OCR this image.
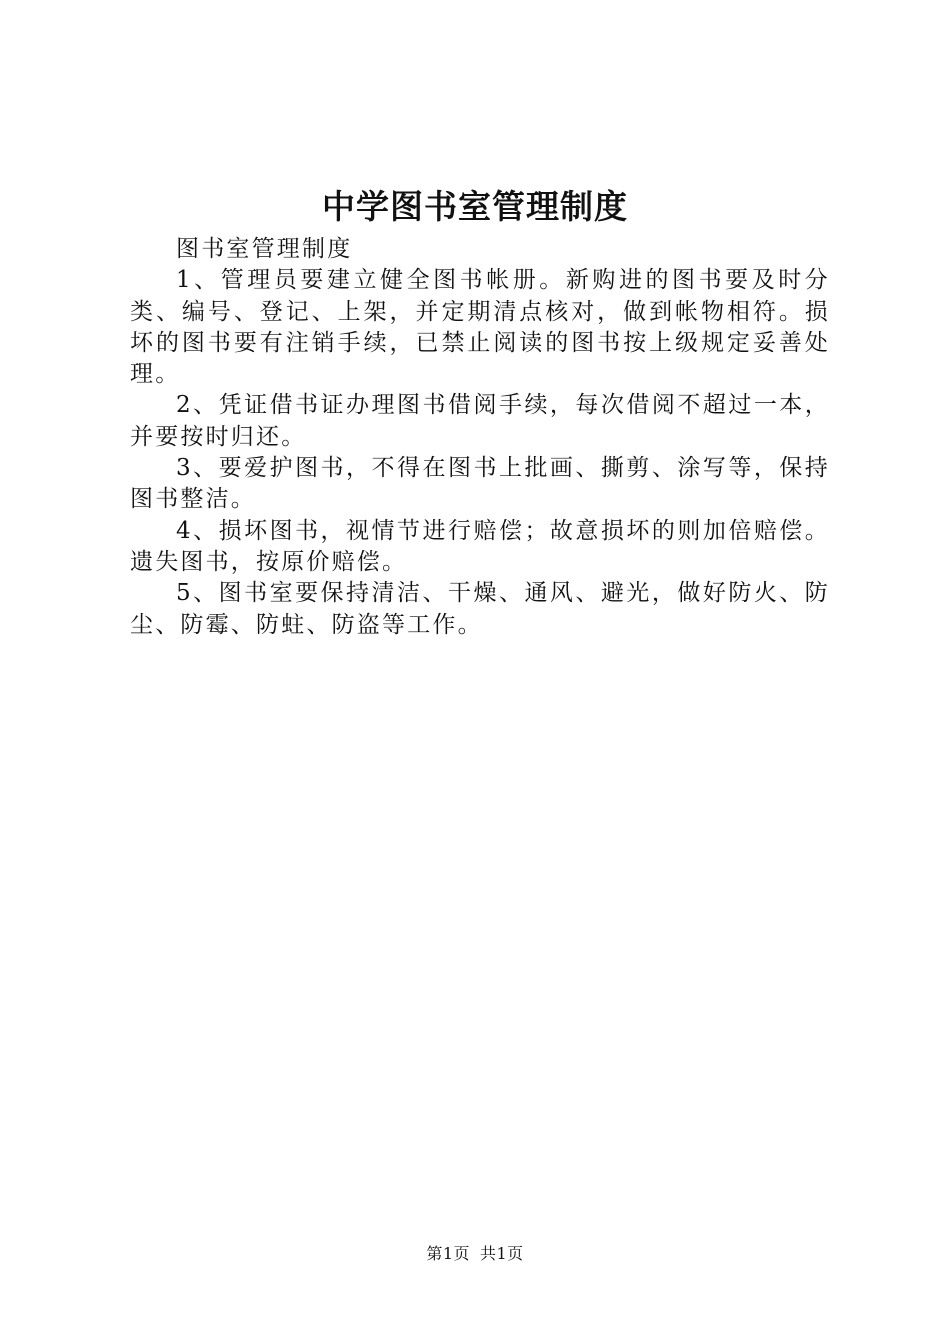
中学图书室管理制度

图书室管理制度

1、管理员要建立健全图书帐册。新购进的图书要及时分类、编号、登记、上架，并定期清点核对，做到帐物相符。损坏的图书要有注销手续，已禁止阅读的图书按上级规定妥善处理。

2、凭证借书证办理图书借阅手续，每次借阅不超过一本，并要按时归还。

3、要爱护图书，不得在图书上批画、撕剪、涂写等，保持图书整洁。

4、损坏图书，视情节进行赔偿；故意损坏的则加倍赔偿。遗失图书，按原价赔偿。

5、图书室要保持清洁、干燥、通风、避光，做好防火、防尘、防霉、防蛀、防盗等工作。

第1页 共1页
